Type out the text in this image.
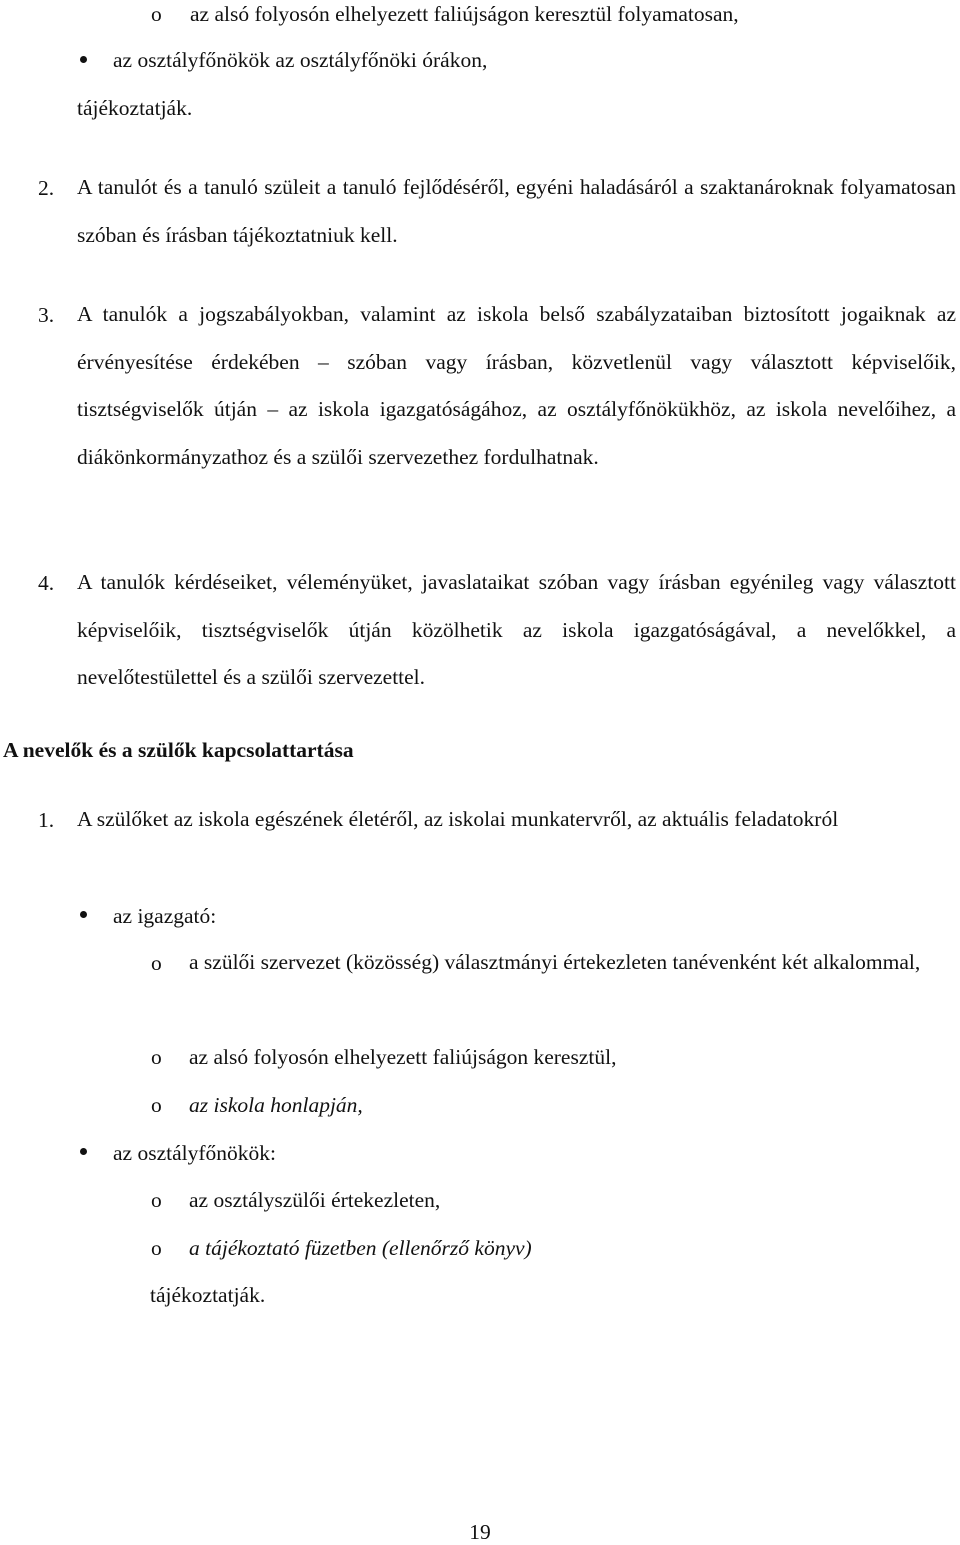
o az alsó folyosón elhelyezett faliújságon keresztül folyamatosan,
az osztályfőnökök az osztályfőnöki órákon,
tájékoztatják.
2. A tanulót és a tanuló szüleit a tanuló fejlődéséről, egyéni haladásáról a szaktanároknak folyamatosan szóban és írásban tájékoztatniuk kell.
3. A tanulók a jogszabályokban, valamint az iskola belső szabályzataiban biztosított jogaiknak az érvényesítése érdekében – szóban vagy írásban, közvetlenül vagy választott képviselőik, tisztségviselők útján – az iskola igazgatóságához, az osztályfőnökükhöz, az iskola nevelőihez, a diákönkormányzathoz és a szülői szervezethez fordulhatnak.
4. A tanulók kérdéseiket, véleményüket, javaslataikat szóban vagy írásban egyénileg vagy választott képviselőik, tisztségviselők útján közölhetik az iskola igazgatóságával, a nevelőkkel, a nevelőtestülettel és a szülői szervezettel.
A nevelők és a szülők kapcsolattartása
1. A szülőket az iskola egészének életéről, az iskolai munkatervről, az aktuális feladatokról
az igazgató:
o a szülői szervezet (közösség) választmányi értekezleten tanévenként két alkalommal,
o az alsó folyosón elhelyezett faliújságon keresztül,
o az iskola honlapján,
az osztályfőnökök:
o az osztályszülői értekezleten,
o a tájékoztató füzetben (ellenőrző könyv)
tájékoztatják.
19
